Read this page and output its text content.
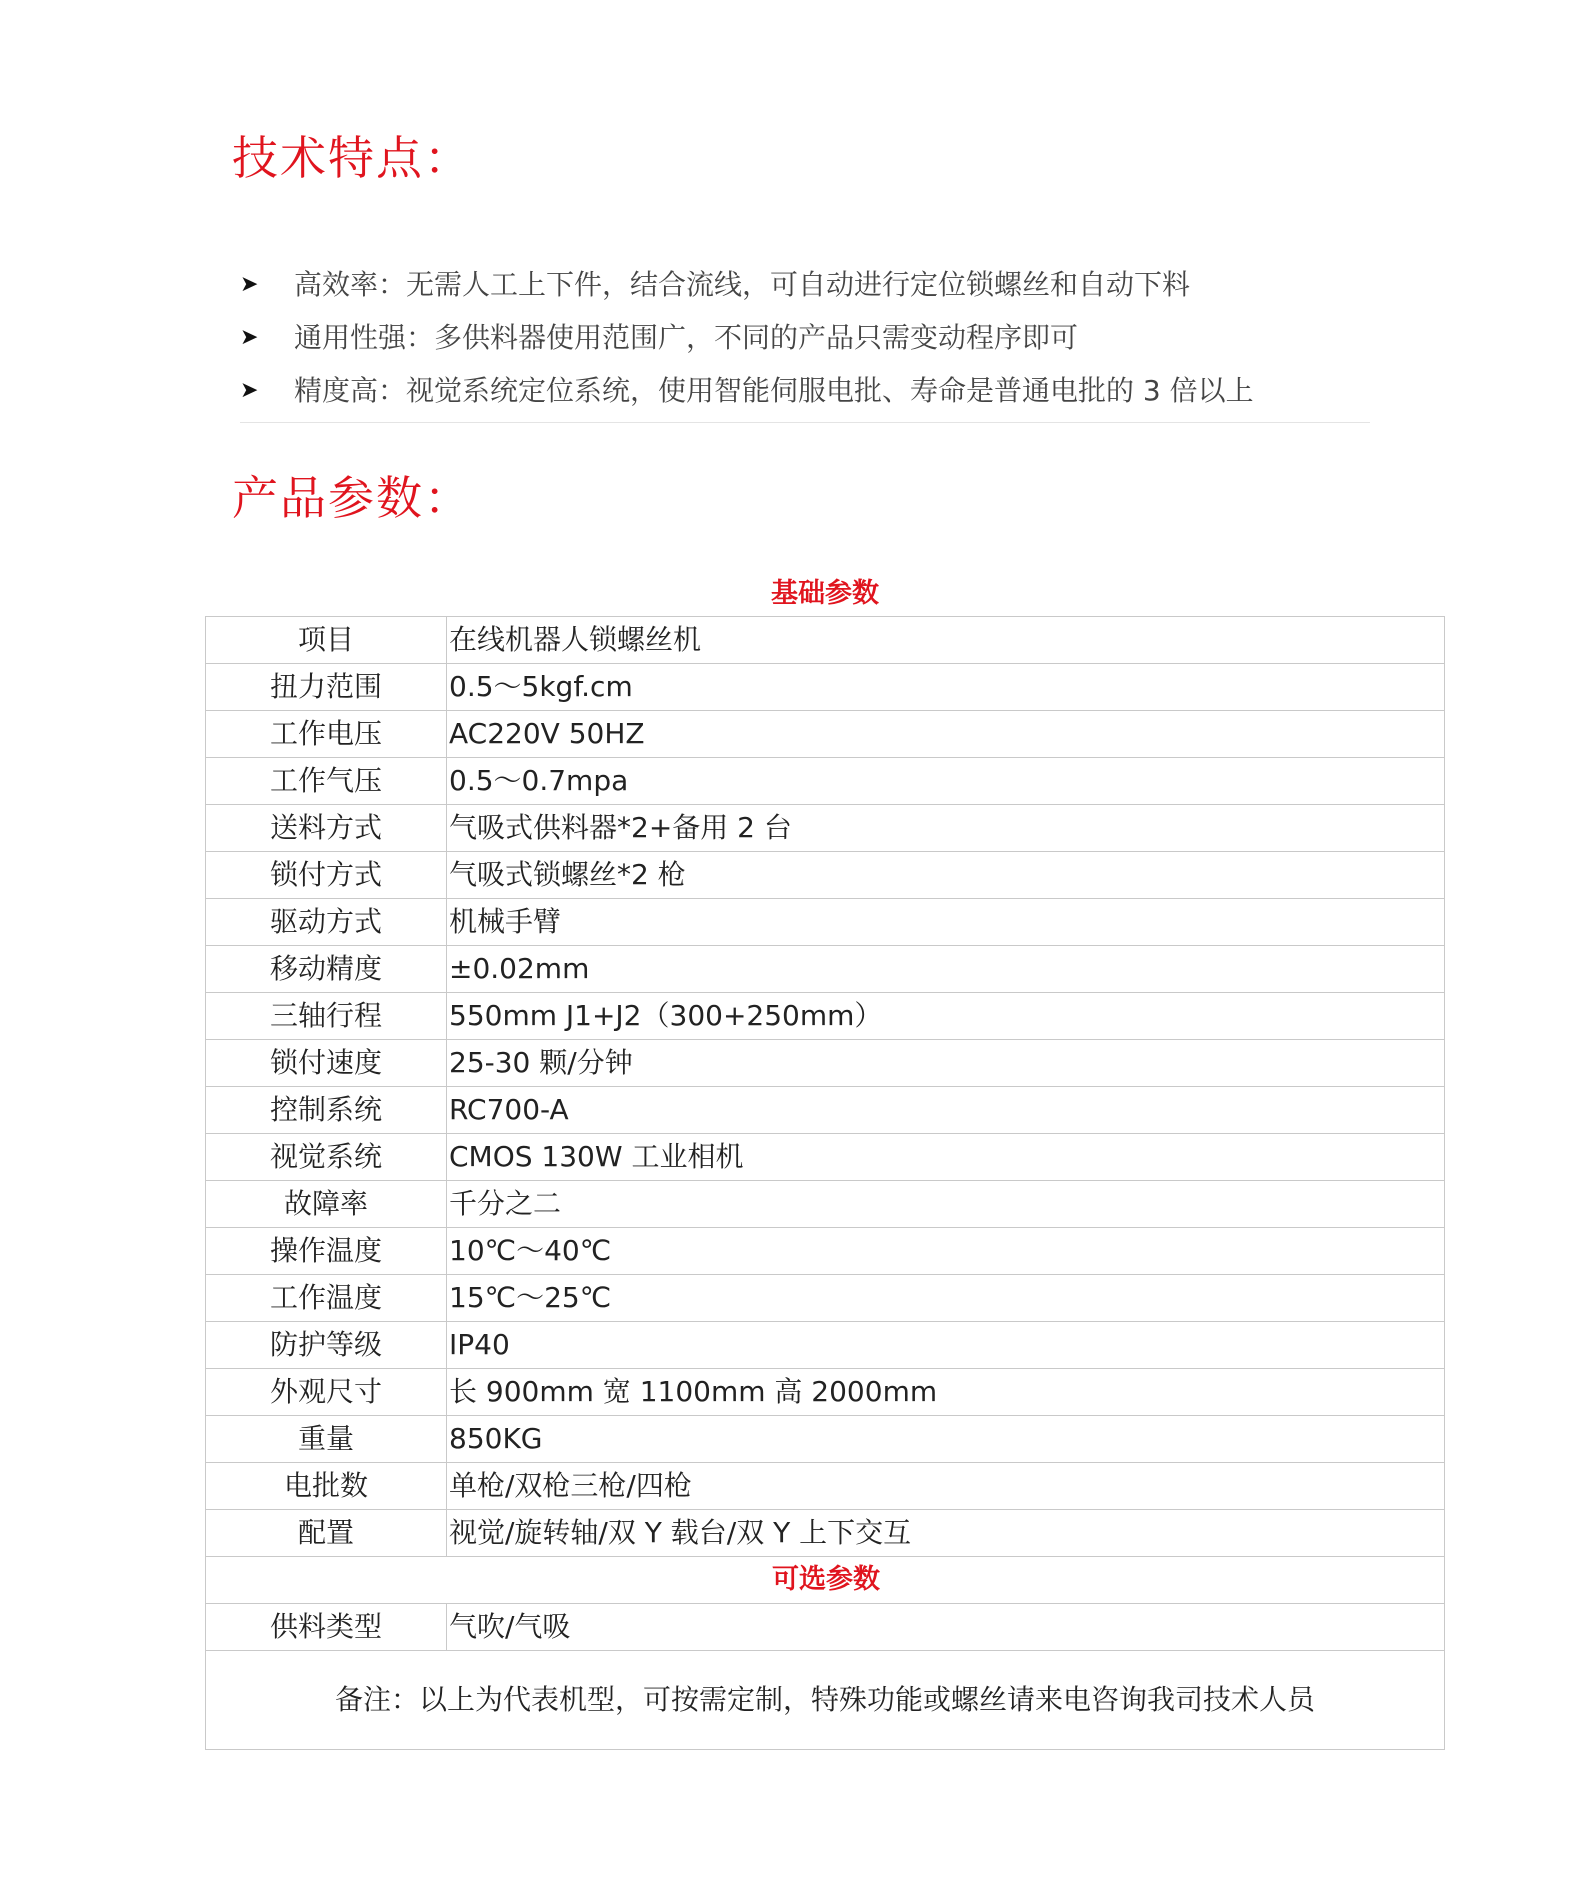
技术特点：
➤	高效率：无需人工上下件，结合流线，可自动进行定位锁螺丝和自动下料
➤	通用性强：多供料器使用范围广，不同的产品只需变动程序即可
➤	精度高：视觉系统定位系统，使用智能伺服电批、寿命是普通电批的 3 倍以上
产品参数：
基础参数
项目	在线机器人锁螺丝机
扭力范围	0.5～5kgf.cm
工作电压	AC220V 50HZ
工作气压	0.5～0.7mpa
送料方式	气吸式供料器*2+备用 2 台
锁付方式	气吸式锁螺丝*2 枪
驱动方式	机械手臂
移动精度	±0.02mm
三轴行程	550mm J1+J2（300+250mm）
锁付速度	25-30 颗/分钟
控制系统	RC700-A
视觉系统	CMOS 130W 工业相机
故障率	千分之二
操作温度	10℃～40℃
工作温度	15℃～25℃
防护等级	IP40
外观尺寸	长 900mm 宽 1100mm 高 2000mm
重量	850KG
电批数	单枪/双枪三枪/四枪
配置	视觉/旋转轴/双 Y 载台/双 Y 上下交互
可选参数	
供料类型	气吹/气吸
备注：以上为代表机型，可按需定制，特殊功能或螺丝请来电咨询我司技术人员	
